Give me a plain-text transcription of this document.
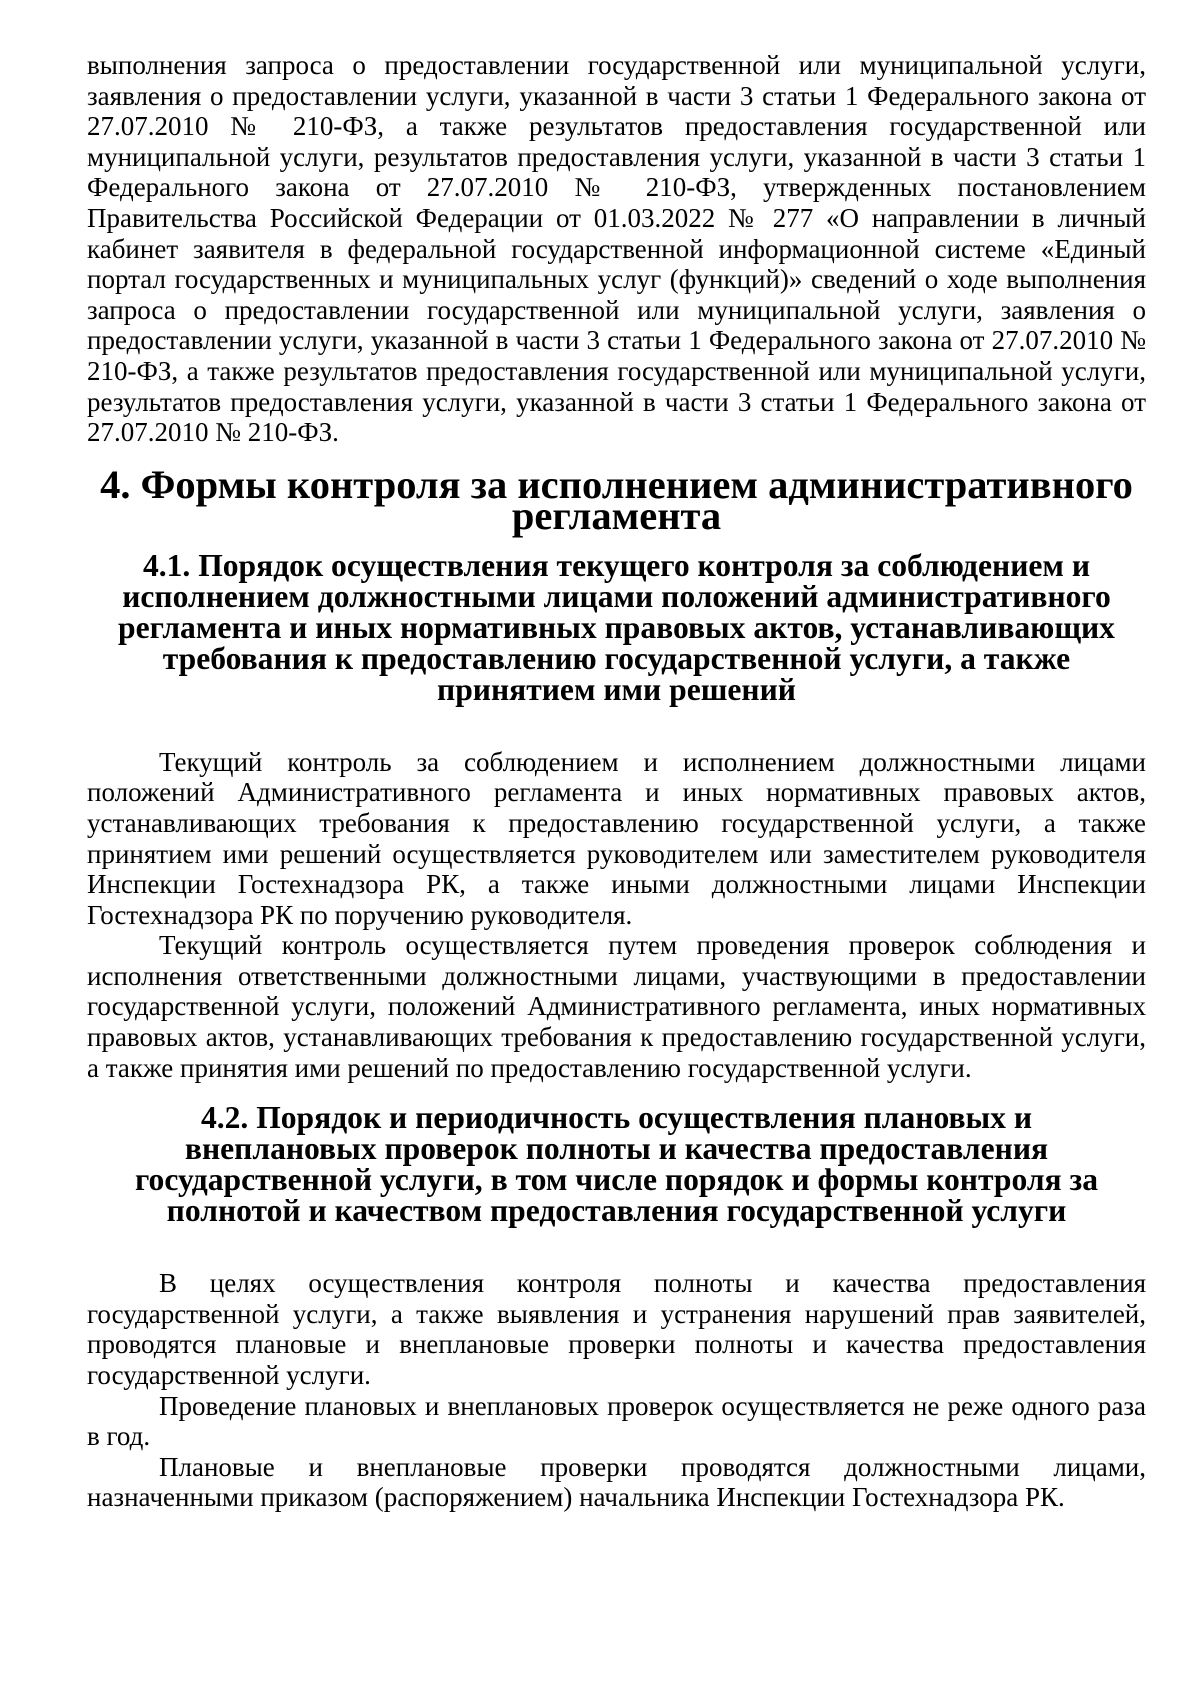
выполнения запроса о предоставлении государственной или муниципальной услуги, заявления о предоставлении услуги, указанной в части 3 статьи 1 Федерального закона от 27.07.2010 № 210-ФЗ, а также результатов предоставления государственной или муниципальной услуги, результатов предоставления услуги, указанной в части 3 статьи 1 Федерального закона от 27.07.2010 № 210-ФЗ, утвержденных постановлением Правительства Российской Федерации от 01.03.2022 № 277 «О направлении в личный кабинет заявителя в федеральной государственной информационной системе «Единый портал государственных и муниципальных услуг (функций)» сведений о ходе выполнения запроса о предоставлении государственной или муниципальной услуги, заявления о предоставлении услуги, указанной в части 3 статьи 1 Федерального закона от 27.07.2010 № 210-ФЗ, а также результатов предоставления государственной или муниципальной услуги, результатов предоставления услуги, указанной в части 3 статьи 1 Федерального закона от 27.07.2010 № 210-ФЗ.

4. Формы контроля за исполнением административного регламента
4.1. Порядок осуществления текущего контроля за соблюдением и исполнением должностными лицами положений административного регламента и иных нормативных правовых актов, устанавливающих требования к предоставлению государственной услуги, а также принятием ими решений

Текущий контроль за соблюдением и исполнением должностными лицами положений Административного регламента и иных нормативных правовых актов, устанавливающих требования к предоставлению государственной услуги, а также принятием ими решений осуществляется руководителем или заместителем руководителя Инспекции Гостехнадзора РК, а также иными должностными лицами Инспекции Гостехнадзора РК по поручению руководителя.

Текущий контроль осуществляется путем проведения проверок соблюдения и исполнения ответственными должностными лицами, участвующими в предоставлении государственной услуги, положений Административного регламента, иных нормативных правовых актов, устанавливающих требования к предоставлению государственной услуги, а также принятия ими решений по предоставлению государственной услуги.

4.2. Порядок и периодичность осуществления плановых и внеплановых проверок полноты и качества предоставления государственной услуги, в том числе порядок и формы контроля за полнотой и качеством предоставления государственной услуги

В целях осуществления контроля полноты и качества предоставления государственной услуги, а также выявления и устранения нарушений прав заявителей, проводятся плановые и внеплановые проверки полноты и качества предоставления государственной услуги.

Проведение плановых и внеплановых проверок осуществляется не реже одного раза в год.

Плановые и внеплановые проверки проводятся должностными лицами, назначенными приказом (распоряжением) начальника Инспекции Гостехнадзора РК.
